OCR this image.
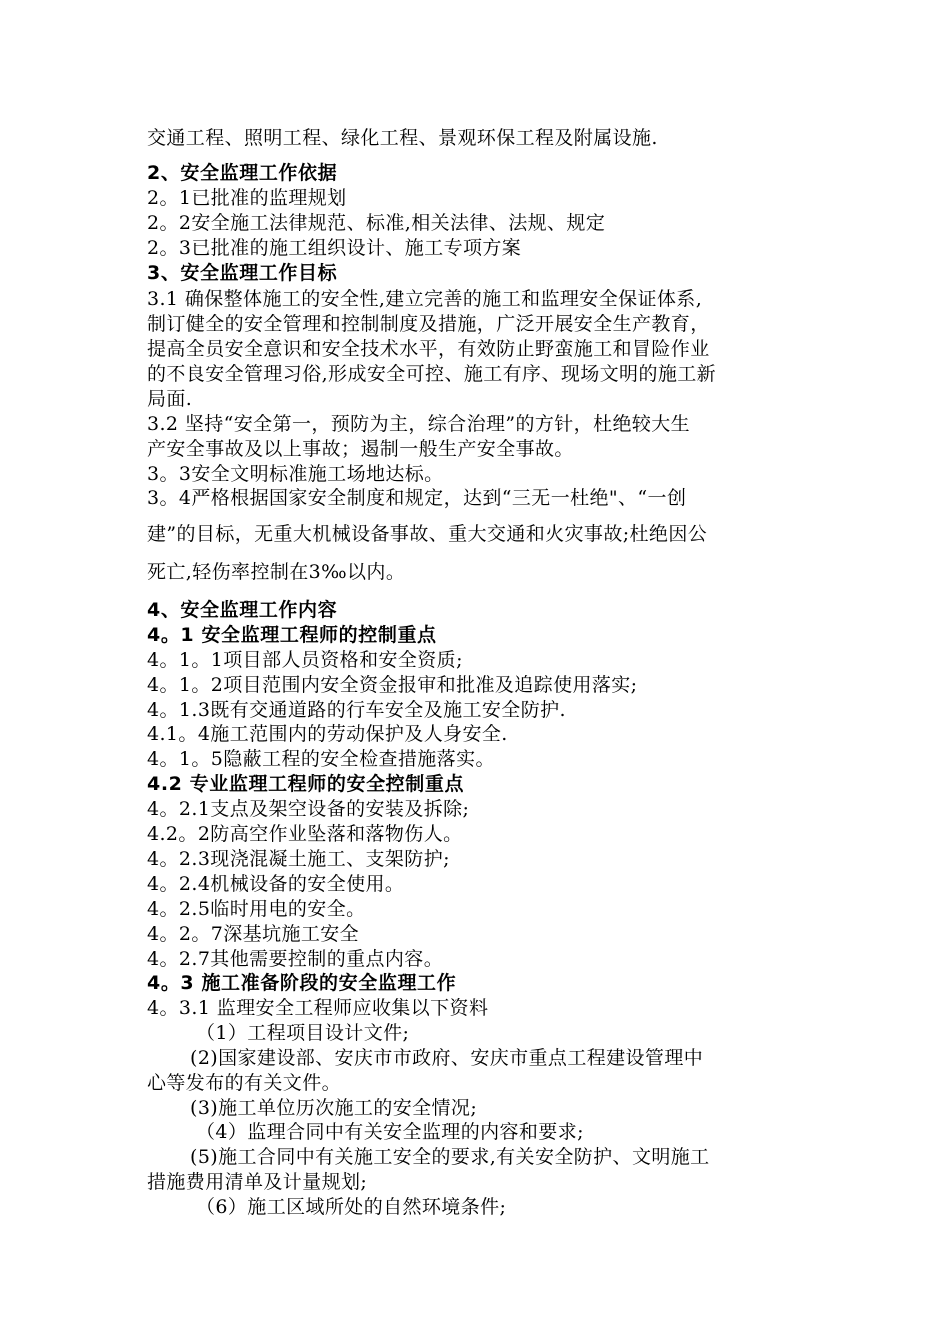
交通工程、照明工程、绿化工程、景观环保工程及附属设施.
2、安全监理工作依据
2。1已批准的监理规划
2。2安全施工法律规范、标准,相关法律、法规、规定
2。3已批准的施工组织设计、施工专项方案
3、安全监理工作目标
3.1 确保整体施工的安全性,建立完善的施工和监理安全保证体系,
制订健全的安全管理和控制制度及措施，广泛开展安全生产教育，
提高全员安全意识和安全技术水平，有效防止野蛮施工和冒险作业
的不良安全管理习俗,形成安全可控、施工有序、现场文明的施工新
局面.
3.2 坚持“安全第一，预防为主，综合治理”的方针，杜绝较大生
产安全事故及以上事故；遏制一般生产安全事故。
3。3安全文明标准施工场地达标。
3。4严格根据国家安全制度和规定，达到“三无一杜绝"、“一创
建”的目标，无重大机械设备事故、重大交通和火灾事故;杜绝因公
死亡,轻伤率控制在3‰以内。
4、安全监理工作内容
4。1 安全监理工程师的控制重点
4。1。1项目部人员资格和安全资质;
4。1。2项目范围内安全资金报审和批准及追踪使用落实;
4。1.3既有交通道路的行车安全及施工安全防护.
4.1。4施工范围内的劳动保护及人身安全.
4。1。5隐蔽工程的安全检查措施落实。
4.2 专业监理工程师的安全控制重点
4。2.1支点及架空设备的安装及拆除;
4.2。2防高空作业坠落和落物伤人。
4。2.3现浇混凝土施工、支架防护;
4。2.4机械设备的安全使用。
4。2.5临时用电的安全。
4。2。7深基坑施工安全
4。2.7其他需要控制的重点内容。
4。3 施工准备阶段的安全监理工作
4。3.1 监理安全工程师应收集以下资料
（1）工程项目设计文件;
(2)国家建设部、安庆市市政府、安庆市重点工程建设管理中
心等发布的有关文件。
(3)施工单位历次施工的安全情况;
（4）监理合同中有关安全监理的内容和要求;
(5)施工合同中有关施工安全的要求,有关安全防护、文明施工
措施费用清单及计量规划;
（6）施工区域所处的自然环境条件;
